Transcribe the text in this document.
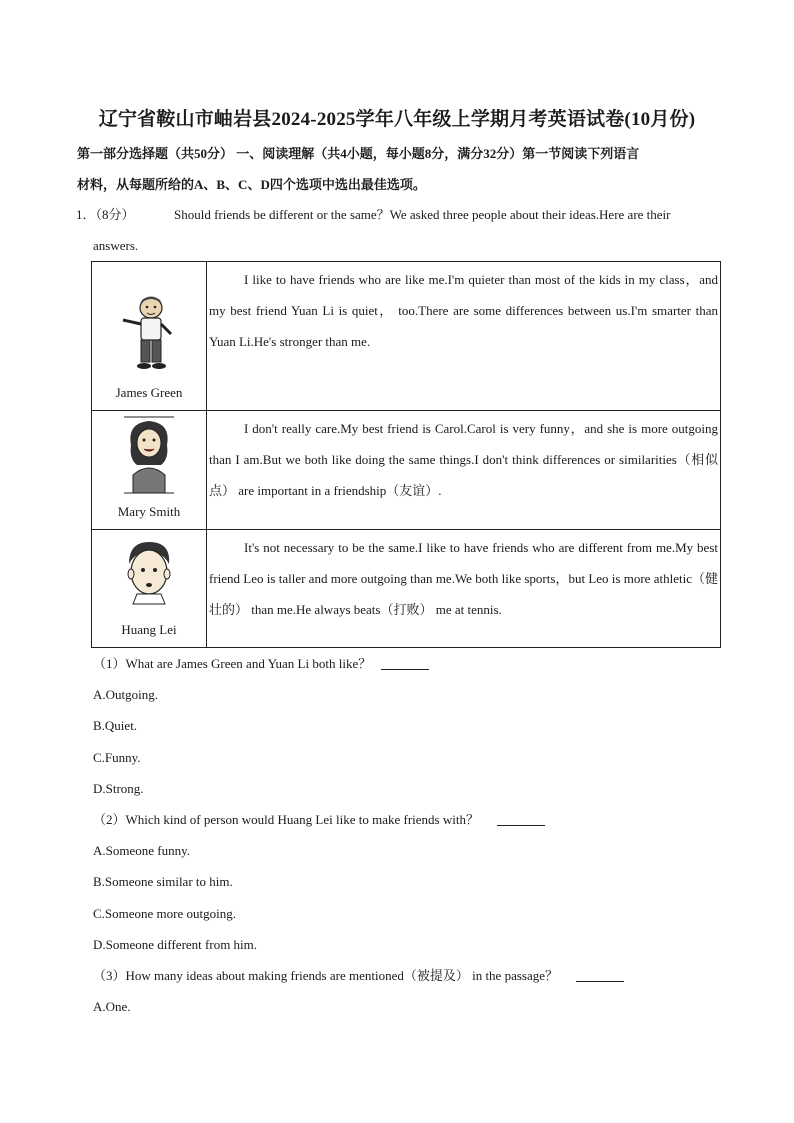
辽宁省鞍山市岫岩县2024-2025学年八年级上学期月考英语试卷(10月份)
第一部分选择题（共50分） 一、阅读理解（共4小题，每小题8分，满分32分）第一节阅读下列语言
材料，从每题所给的A、B、C、D四个选项中选出最佳选项。
1．（8分）	Should friends be different or the same？We asked three people about their ideas.Here are their
answers.
James Green	I like to have friends who are like me.I'm quieter than most of the kids in my class，and my best friend Yuan Li is quiet， too.There are some differences between us.I'm smarter than Yuan Li.He's stronger than me.

Mary Smith	I don't really care.My best friend is Carol.Carol is very funny，and she is more outgoing than I am.But we both like doing the same things.I don't think differences or similarities（相似点） are important in a friendship（友谊）.

Huang Lei	It's not necessary to be the same.I like to have friends who are different from me.My best friend Leo is taller and more outgoing than me.We both like sports，but Leo is more athletic（健壮的） than me.He always beats（打败） me at tennis.

（1）What are James Green and Yuan Li both like？
A.Outgoing.
B.Quiet.
C.Funny.
D.Strong.
（2）Which kind of person would Huang Lei like to make friends with？
A.Someone funny.
B.Someone similar to him.
C.Someone more outgoing.
D.Someone different from him.
（3）How many ideas about making friends are mentioned（被提及） in the passage？
A.One.
